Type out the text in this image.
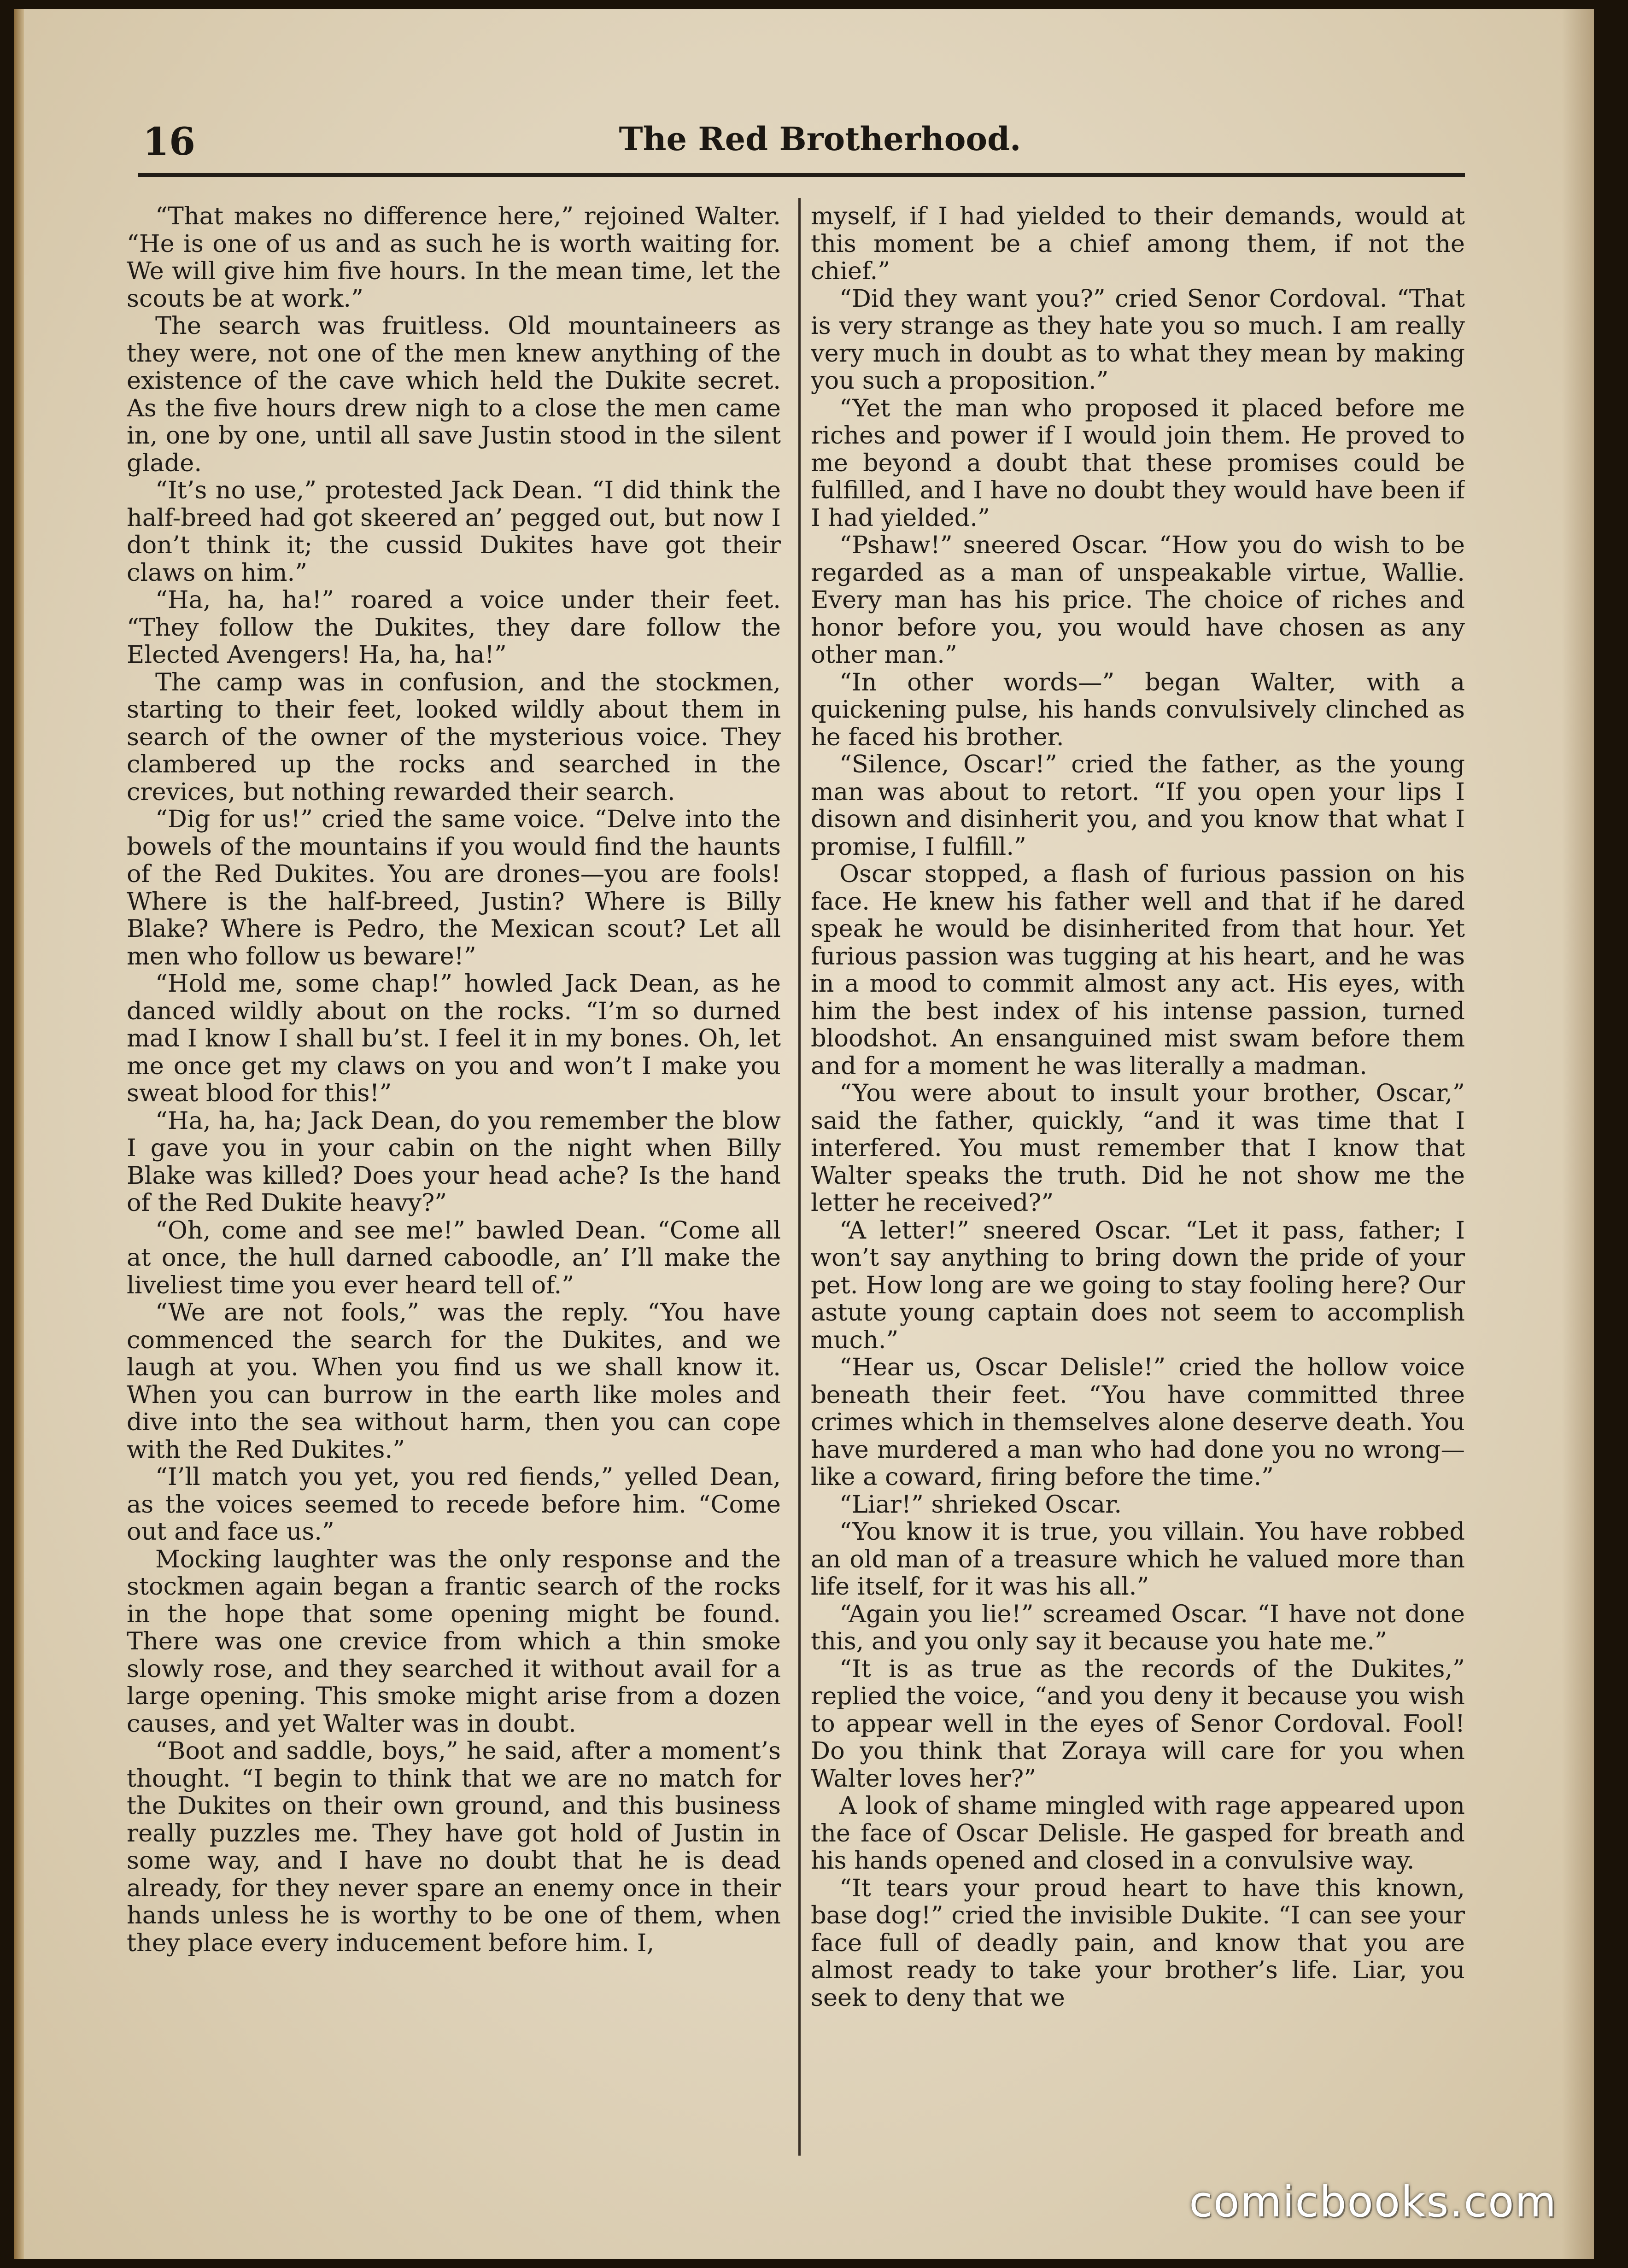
16	The Red Brotherhood.

“That makes no difference here,” rejoined Walter. “He is one of us and as such he is worth waiting for. We will give him five hours. In the mean time, let the scouts be at work.”

The search was fruitless. Old mountaineers as they were, not one of the men knew anything of the existence of the cave which held the Dukite secret. As the five hours drew nigh to a close the men came in, one by one, until all save Justin stood in the silent glade.

“It’s no use,” protested Jack Dean. “I did think the half-breed had got skeered an’ pegged out, but now I don’t think it; the cussid Dukites have got their claws on him.”

“Ha, ha, ha!” roared a voice under their feet. “They follow the Dukites, they dare follow the Elected Avengers! Ha, ha, ha!”

The camp was in confusion, and the stockmen, starting to their feet, looked wildly about them in search of the owner of the mysterious voice. They clambered up the rocks and searched in the crevices, but nothing rewarded their search.

“Dig for us!” cried the same voice. “Delve into the bowels of the mountains if you would find the haunts of the Red Dukites. You are drones—you are fools! Where is the half-breed, Justin? Where is Billy Blake? Where is Pedro, the Mexican scout? Let all men who follow us beware!”

“Hold me, some chap!” howled Jack Dean, as he danced wildly about on the rocks. “I’m so durned mad I know I shall bu’st. I feel it in my bones. Oh, let me once get my claws on you and won’t I make you sweat blood for this!”

“Ha, ha, ha; Jack Dean, do you remember the blow I gave you in your cabin on the night when Billy Blake was killed? Does your head ache? Is the hand of the Red Dukite heavy?”

“Oh, come and see me!” bawled Dean. “Come all at once, the hull darned caboodle, an’ I’ll make the liveliest time you ever heard tell of.”

“We are not fools,” was the reply. “You have commenced the search for the Dukites, and we laugh at you. When you find us we shall know it. When you can burrow in the earth like moles and dive into the sea without harm, then you can cope with the Red Dukites.”

“I’ll match you yet, you red fiends,” yelled Dean, as the voices seemed to recede before him. “Come out and face us.”

Mocking laughter was the only response and the stockmen again began a frantic search of the rocks in the hope that some opening might be found. There was one crevice from which a thin smoke slowly rose, and they searched it without avail for a large opening. This smoke might arise from a dozen causes, and yet Walter was in doubt.

“Boot and saddle, boys,” he said, after a moment’s thought. “I begin to think that we are no match for the Dukites on their own ground, and this business really puzzles me. They have got hold of Justin in some way, and I have no doubt that he is dead already, for they never spare an enemy once in their hands unless he is worthy to be one of them, when they place every inducement before him. I,

myself, if I had yielded to their demands, would at this moment be a chief among them, if not the chief.”

“Did they want you?” cried Senor Cordoval. “That is very strange as they hate you so much. I am really very much in doubt as to what they mean by making you such a proposition.”

“Yet the man who proposed it placed before me riches and power if I would join them. He proved to me beyond a doubt that these promises could be fulfilled, and I have no doubt they would have been if I had yielded.”

“Pshaw!” sneered Oscar. “How you do wish to be regarded as a man of unspeakable virtue, Wallie. Every man has his price. The choice of riches and honor before you, you would have chosen as any other man.”

“In other words—” began Walter, with a quickening pulse, his hands convulsively clinched as he faced his brother.

“Silence, Oscar!” cried the father, as the young man was about to retort. “If you open your lips I disown and disinherit you, and you know that what I promise, I fulfill.”

Oscar stopped, a flash of furious passion on his face. He knew his father well and that if he dared speak he would be disinherited from that hour. Yet furious passion was tugging at his heart, and he was in a mood to commit almost any act. His eyes, with him the best index of his intense passion, turned bloodshot. An ensanguined mist swam before them and for a moment he was literally a madman.

“You were about to insult your brother, Oscar,” said the father, quickly, “and it was time that I interfered. You must remember that I know that Walter speaks the truth. Did he not show me the letter he received?”

“A letter!” sneered Oscar. “Let it pass, father; I won’t say anything to bring down the pride of your pet. How long are we going to stay fooling here? Our astute young captain does not seem to accomplish much.”

“Hear us, Oscar Delisle!” cried the hollow voice beneath their feet. “You have committed three crimes which in themselves alone deserve death. You have murdered a man who had done you no wrong—like a coward, firing before the time.”

“Liar!” shrieked Oscar.

“You know it is true, you villain. You have robbed an old man of a treasure which he valued more than life itself, for it was his all.”

“Again you lie!” screamed Oscar. “I have not done this, and you only say it because you hate me.”

“It is as true as the records of the Dukites,” replied the voice, “and you deny it because you wish to appear well in the eyes of Senor Cordoval. Fool! Do you think that Zoraya will care for you when Walter loves her?”

A look of shame mingled with rage appeared upon the face of Oscar Delisle. He gasped for breath and his hands opened and closed in a convulsive way.

“It tears your proud heart to have this known, base dog!” cried the invisible Dukite. “I can see your face full of deadly pain, and know that you are almost ready to take your brother’s life. Liar, you seek to deny that we

comicbooks.com
